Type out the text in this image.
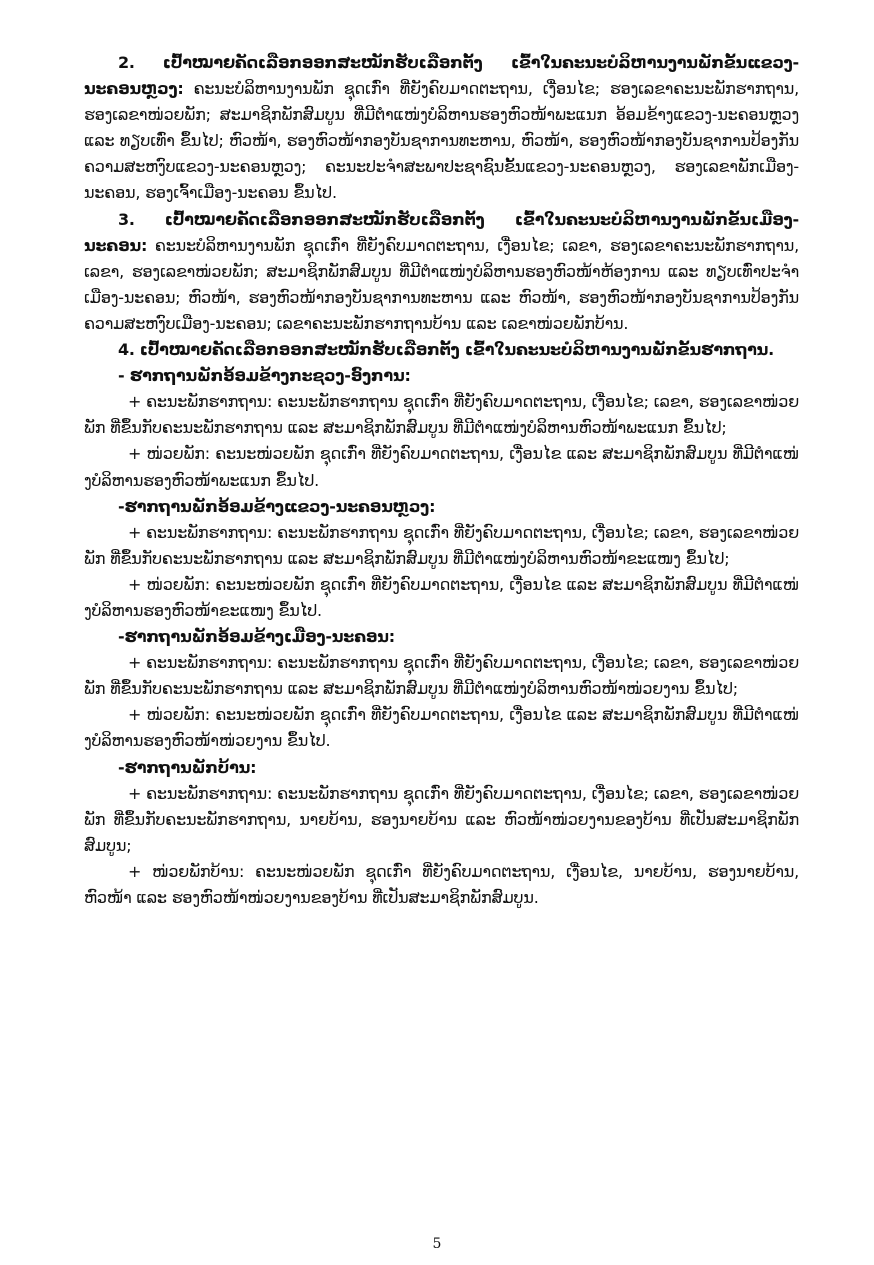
2. ເປົ້າໝາຍຄັດເລືອກອອກສະໝັກຮັບເລືອກຕັ້ງ ເຂົ້າໃນຄະນະບໍລິຫານງານພັກຂັ້ນແຂວງ-ນະຄອນຫຼວງ: ຄະນະບໍລິຫານງານພັກ ຊຸດເກົ່າ ທີ່ຍັງຄົບມາດຕະຖານ, ເງື່ອນໄຂ; ຮອງເລຂາຄະນະພັກຮາກຖານ, ຮອງເລຂາໜ່ວຍພັກ; ສະມາຊິກພັກສົມບູນ ທີ່ມີຕໍາແໜ່ງບໍລິຫານຮອງຫົວໜ້າພະແນກ ອ້ອມຂ້າງແຂວງ-ນະຄອນຫຼວງ ແລະ ທຽບເທົ່າ ຂຶ້ນໄປ; ຫົວໜ້າ, ຮອງຫົວໜ້າກອງບັນຊາການທະຫານ, ຫົວໜ້າ, ຮອງຫົວໜ້າກອງບັນຊາການປ້ອງກັນຄວາມສະຫງົບແຂວງ-ນະຄອນຫຼວງ; ຄະນະປະຈໍາສະພາປະຊາຊົນຂັ້ນແຂວງ-ນະຄອນຫຼວງ, ຮອງເລຂາພັກເມືອງ-ນະຄອນ, ຮອງເຈົ້າເມືອງ-ນະຄອນ ຂຶ້ນໄປ.

3. ເປົ້າໝາຍຄັດເລືອກອອກສະໝັກຮັບເລືອກຕັ້ງ ເຂົ້າໃນຄະນະບໍລິຫານງານພັກຂັ້ນເມືອງ-ນະຄອນ: ຄະນະບໍລິຫານງານພັກ ຊຸດເກົ່າ ທີ່ຍັງຄົບມາດຕະຖານ, ເງື່ອນໄຂ; ເລຂາ, ຮອງເລຂາຄະນະພັກຮາກຖານ, ເລຂາ, ຮອງເລຂາໜ່ວຍພັກ; ສະມາຊິກພັກສົມບູນ ທີ່ມີຕໍາແໜ່ງບໍລິຫານຮອງຫົວໜ້າຫ້ອງການ ແລະ ທຽບເທົ່າປະຈໍາເມືອງ-ນະຄອນ; ຫົວໜ້າ, ຮອງຫົວໜ້າກອງບັນຊາການທະຫານ ແລະ ຫົວໜ້າ, ຮອງຫົວໜ້າກອງບັນຊາການປ້ອງກັນຄວາມສະຫງົບເມືອງ-ນະຄອນ; ເລຂາຄະນະພັກຮາກຖານບ້ານ ແລະ ເລຂາໜ່ວຍພັກບ້ານ.

4. ເປົ້າໝາຍຄັດເລືອກອອກສະໝັກຮັບເລືອກຕັ້ງ ເຂົ້າໃນຄະນະບໍລິຫານງານພັກຂັ້ນຮາກຖານ.

- ຮາກຖານພັກອ້ອມຂ້າງກະຊວງ-ອົງການ:

+ ຄະນະພັກຮາກຖານ: ຄະນະພັກຮາກຖານ ຊຸດເກົ່າ ທີ່ຍັງຄົບມາດຕະຖານ, ເງື່ອນໄຂ; ເລຂາ, ຮອງເລຂາໜ່ວຍພັກ ທີ່ຂຶ້ນກັບຄະນະພັກຮາກຖານ ແລະ ສະມາຊິກພັກສົມບູນ ທີ່ມີຕໍາແໜ່ງບໍລິຫານຫົວໜ້າພະແນກ ຂຶ້ນໄປ;

+ ໜ່ວຍພັກ: ຄະນະໜ່ວຍພັກ ຊຸດເກົ່າ ທີ່ຍັງຄົບມາດຕະຖານ, ເງື່ອນໄຂ ແລະ ສະມາຊິກພັກສົມບູນ ທີ່ມີຕໍາແໜ່ງບໍລິຫານຮອງຫົວໜ້າພະແນກ ຂຶ້ນໄປ.

-ຮາກຖານພັກອ້ອມຂ້າງແຂວງ-ນະຄອນຫຼວງ:

+ ຄະນະພັກຮາກຖານ: ຄະນະພັກຮາກຖານ ຊຸດເກົ່າ ທີ່ຍັງຄົບມາດຕະຖານ, ເງື່ອນໄຂ; ເລຂາ, ຮອງເລຂາໜ່ວຍພັກ ທີ່ຂຶ້ນກັບຄະນະພັກຮາກຖານ ແລະ ສະມາຊິກພັກສົມບູນ ທີ່ມີຕໍາແໜ່ງບໍລິຫານຫົວໜ້າຂະແໜງ ຂຶ້ນໄປ;

+ ໜ່ວຍພັກ: ຄະນະໜ່ວຍພັກ ຊຸດເກົ່າ ທີ່ຍັງຄົບມາດຕະຖານ, ເງື່ອນໄຂ ແລະ ສະມາຊິກພັກສົມບູນ ທີ່ມີຕໍາແໜ່ງບໍລິຫານຮອງຫົວໜ້າຂະແໜງ ຂຶ້ນໄປ.

-ຮາກຖານພັກອ້ອມຂ້າງເມືອງ-ນະຄອນ:

+ ຄະນະພັກຮາກຖານ: ຄະນະພັກຮາກຖານ ຊຸດເກົ່າ ທີ່ຍັງຄົບມາດຕະຖານ, ເງື່ອນໄຂ; ເລຂາ, ຮອງເລຂາໜ່ວຍພັກ ທີ່ຂຶ້ນກັບຄະນະພັກຮາກຖານ ແລະ ສະມາຊິກພັກສົມບູນ ທີ່ມີຕໍາແໜ່ງບໍລິຫານຫົວໜ້າໜ່ວຍງານ ຂຶ້ນໄປ;

+ ໜ່ວຍພັກ: ຄະນະໜ່ວຍພັກ ຊຸດເກົ່າ ທີ່ຍັງຄົບມາດຕະຖານ, ເງື່ອນໄຂ ແລະ ສະມາຊິກພັກສົມບູນ ທີ່ມີຕໍາແໜ່ງບໍລິຫານຮອງຫົວໜ້າໜ່ວຍງານ ຂຶ້ນໄປ.

-ຮາກຖານພັກບ້ານ:

+ ຄະນະພັກຮາກຖານ: ຄະນະພັກຮາກຖານ ຊຸດເກົ່າ ທີ່ຍັງຄົບມາດຕະຖານ, ເງື່ອນໄຂ; ເລຂາ, ຮອງເລຂາໜ່ວຍພັກ ທີ່ຂຶ້ນກັບຄະນະພັກຮາກຖານ, ນາຍບ້ານ, ຮອງນາຍບ້ານ ແລະ ຫົວໜ້າໜ່ວຍງານຂອງບ້ານ ທີ່ເປັນສະມາຊິກພັກສົມບູນ;

+ ໜ່ວຍພັກບ້ານ: ຄະນະໜ່ວຍພັກ ຊຸດເກົ່າ ທີ່ຍັງຄົບມາດຕະຖານ, ເງື່ອນໄຂ, ນາຍບ້ານ, ຮອງນາຍບ້ານ, ຫົວໜ້າ ແລະ ຮອງຫົວໜ້າໜ່ວຍງານຂອງບ້ານ ທີ່ເປັນສະມາຊິກພັກສົມບູນ.

5
